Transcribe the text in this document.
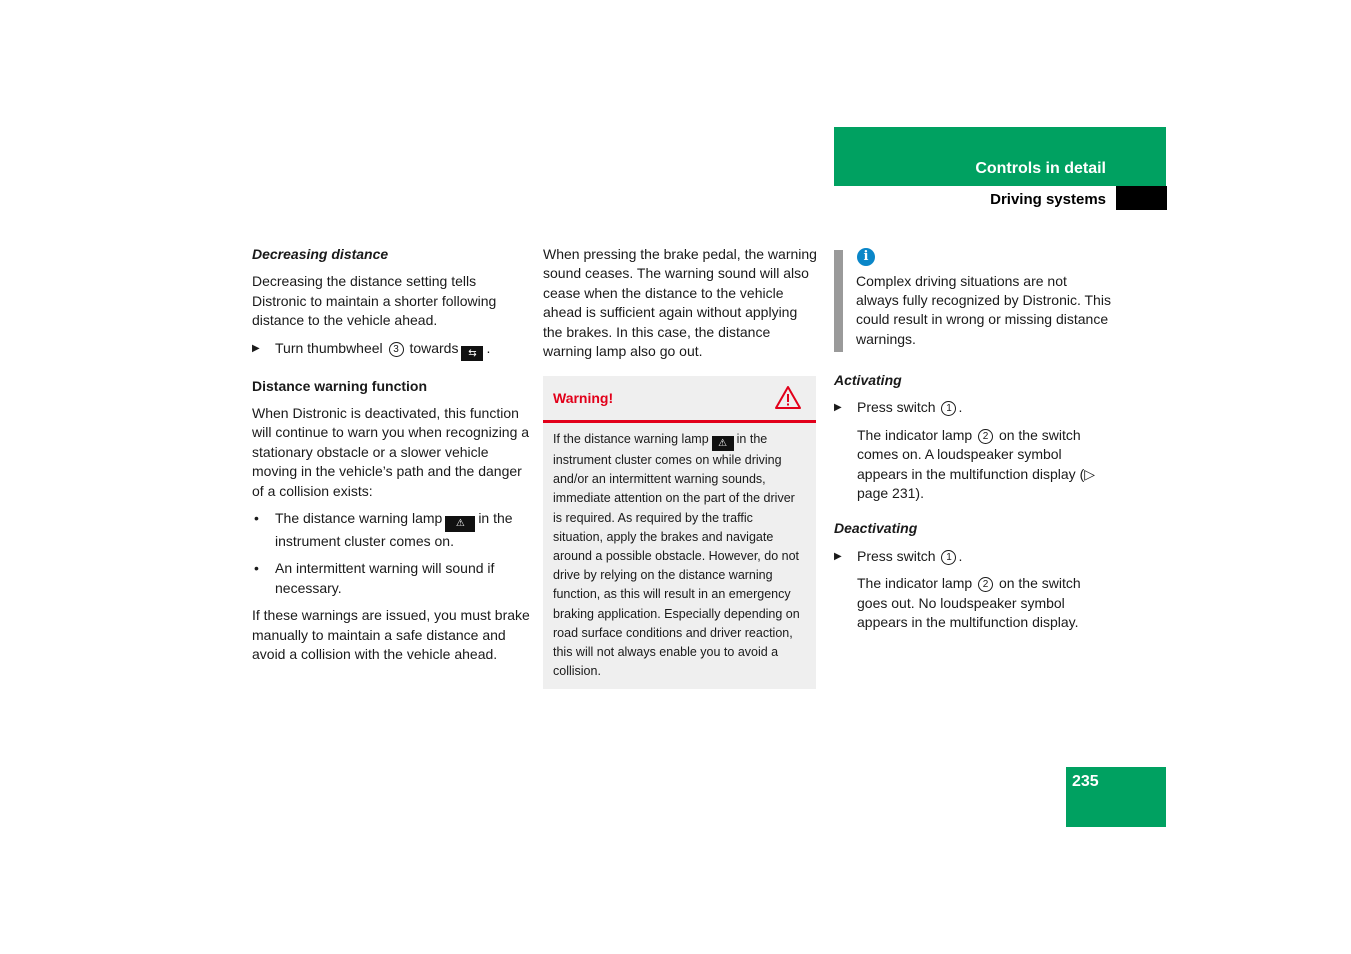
Controls in detail
Driving systems

Decreasing distance

Decreasing the distance setting tells Distronic to maintain a shorter following distance to the vehicle ahead.

▶ Turn thumbwheel 3 towards ⇆ .

Distance warning function

When Distronic is deactivated, this function will continue to warn you when recognizing a stationary obstacle or a slower vehicle moving in the vehicle’s path and the danger of a collision exists:

• The distance warning lamp ⚠ in the instrument cluster comes on.
• An intermittent warning will sound if necessary.

If these warnings are issued, you must brake manually to maintain a safe distance and avoid a collision with the vehicle ahead.

When pressing the brake pedal, the warning sound ceases. The warning sound will also cease when the distance to the vehicle ahead is sufficient again without applying the brakes. In this case, the distance warning lamp also go out.

Warning!
If the distance warning lamp ⚠ in the instrument cluster comes on while driving and/or an intermittent warning sounds, immediate attention on the part of the driver is required. As required by the traffic situation, apply the brakes and navigate around a possible obstacle. However, do not drive by relying on the distance warning function, as this will result in an emergency braking application. Especially depending on road surface conditions and driver reaction, this will not always enable you to avoid a collision.
i
Complex driving situations are not always fully recognized by Distronic. This could result in wrong or missing distance warnings.

Activating

▶ Press switch 1 .

The indicator lamp 2 on the switch comes on. A loudspeaker symbol appears in the multifunction display (▷ page 231).

Deactivating

▶ Press switch 1 .

The indicator lamp 2 on the switch goes out. No loudspeaker symbol appears in the multifunction display.

235
